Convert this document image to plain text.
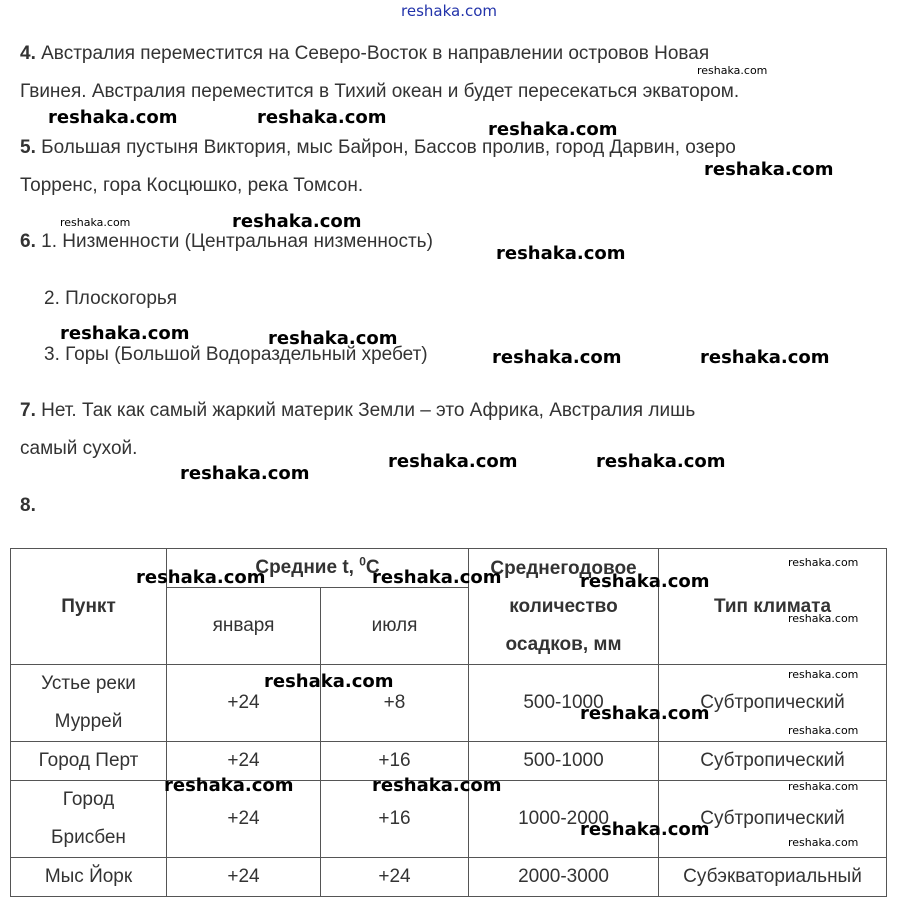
reshaka.com
4. Австралия переместится на Северо-Восток в направлении островов Новая
Гвинея. Австралия переместится в Тихий океан и будет пересекаться экватором.
5. Большая пустыня Виктория, мыс Байрон, Бассов пролив, город Дарвин, озеро
Торренс, гора Косцюшко, река Томсон.
6. 1. Низменности (Центральная низменность)
2. Плоскогорья
3. Горы (Большой Водораздельный хребет)
7. Нет. Так как самый жаркий материк Земли – это Африка, Австралия лишь
самый сухой.
8.
Пункт	Средние t, $^0$C		Среднегодовое
количество
осадков, мм	Тип климата
	января	июля		

Устье реки
Муррей	+24	+8	500-1000	Субтропический
Город Перт	+24	+16	500-1000	Субтропический

Город
Брисбен	+24	+16	1000-2000	Субтропический
Мыс Йорк	+24	+24	2000-3000	Субэкваториальный
reshaka.com
reshaka.com	reshaka.com
reshaka.com
reshaka.com
reshaka.com	reshaka.com
reshaka.com
reshaka.com	reshaka.com
reshaka.com	reshaka.com
reshaka.com
reshaka.com	reshaka.com
reshaka.com	reshaka.com	reshaka.com
reshaka.com
reshaka.com
reshaka.com
reshaka.com
reshaka.com
reshaka.com
reshaka.com
reshaka.com	reshaka.com
reshaka.com
reshaka.com
